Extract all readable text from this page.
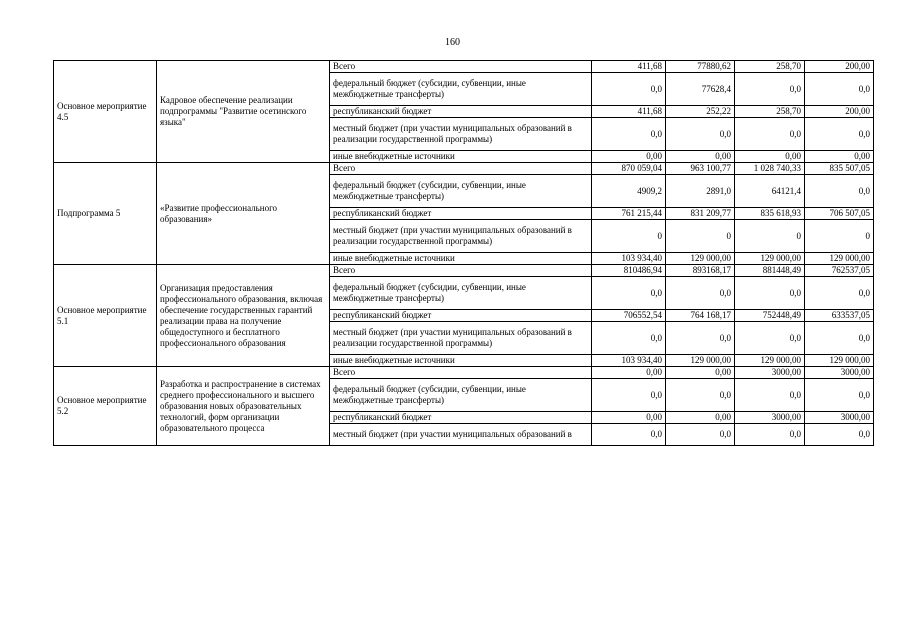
160
Основное мероприятие 4.5	Кадровое обеспечение реализации подпрограммы "Развитие осетинского языка"	Всего	411,68	77880,62	258,70	200,00
		федеральный бюджет (субсидии, субвенции, иные межбюджетные трансферты)	0,0	77628,4	0,0	0,0
		республиканский бюджет	411,68	252,22	258,70	200,00
		местный бюджет (при участии муниципальных образований в реализации государственной программы)	0,0	0,0	0,0	0,0
		иные внебюджетные источники	0,00	0,00	0,00	0,00
Подпрограмма 5	«Развитие профессионального образования»	Всего	870 059,04	963 100,77	1 028 740,33	835 507,05
		федеральный бюджет (субсидии, субвенции, иные межбюджетные трансферты)	4909,2	2891,0	64121,4	0,0
		республиканский бюджет	761 215,44	831 209,77	835 618,93	706 507,05
		местный бюджет (при участии муниципальных образований в реализации государственной программы)	0	0	0	0
		иные внебюджетные источники	103 934,40	129 000,00	129 000,00	129 000,00
Основное мероприятие 5.1	Организация предоставления профессионального образования, включая обеспечение государственных гарантий реализации права на получение общедоступного и бесплатного профессионального образования	Всего	810486,94	893168,17	881448,49	762537,05
		федеральный бюджет (субсидии, субвенции, иные межбюджетные трансферты)	0,0	0,0	0,0	0,0
		республиканский бюджет	706552,54	764 168,17	752448,49	633537,05
		местный бюджет (при участии муниципальных образований в реализации государственной программы)	0,0	0,0	0,0	0,0
		иные внебюджетные источники	103 934,40	129 000,00	129 000,00	129 000,00
Основное мероприятие 5.2	Разработка и распространение в системах среднего профессионального и высшего образования новых образовательных технологий, форм организации образовательного процесса	Всего	0,00	0,00	3000,00	3000,00
		федеральный бюджет (субсидии, субвенции, иные межбюджетные трансферты)	0,0	0,0	0,0	0,0
		республиканский бюджет	0,00	0,00	3000,00	3000,00
		местный бюджет (при участии муниципальных образований в	0,0	0,0	0,0	0,0
